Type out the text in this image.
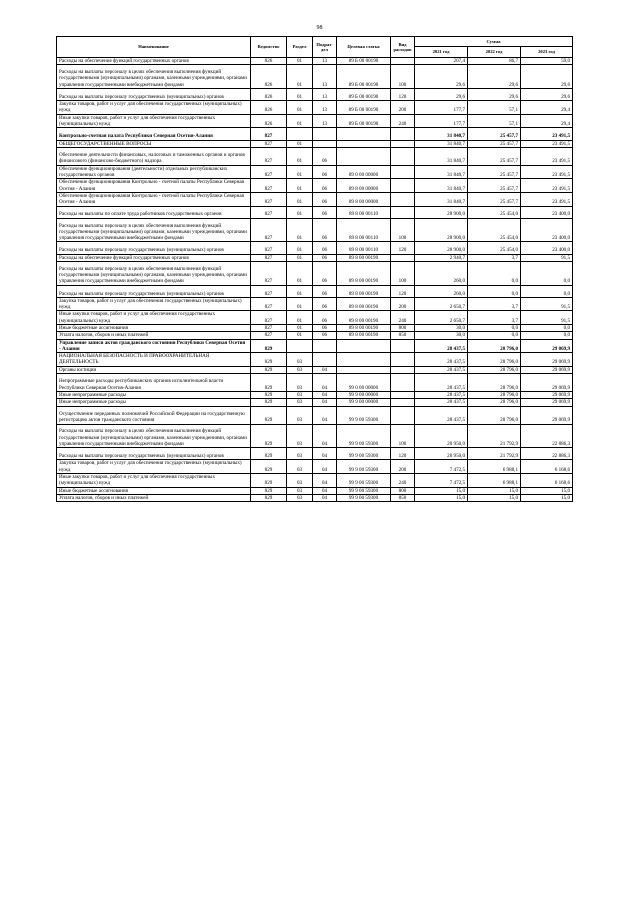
98
Наименование	Ведомство	Раздел	Подраз-дел	Целевая статья	Вид расходов	Сумма		
						2021 год	2022 год	2023 год
Расходы на обеспечение функций государственных органов	826	01	13	89 Б 00 00190		207,4	86,7	59,0
Расходы на выплаты персоналу в целях обеспечения выполнения функций государственными (муниципальными) органами, казенными учреждениями, органами управления государственными внебюджетными фондами	826	01	13	89 Б 00 00190	100	29,6	29,6	29,6
Расходы на выплаты персоналу государственных (муниципальных) органов	826	01	13	89 Б 00 00190	120	29,6	29,6	29,6
Закупка товаров, работ и услуг для обеспечения государственных (муниципальных) нужд	826	01	13	89 Б 00 00190	200	177,7	57,1	29,4
Иные закупки товаров, работ и услуг для обеспечения государственных (муниципальных) нужд	826	01	13	89 Б 00 00190	240	177,7	57,1	29,4
Контрольно-счетная палата Республики Северная Осетия-Алания	827					31 840,7	25 457,7	23 491,5
ОБЩЕГОСУДАРСТВЕННЫЕ ВОПРОСЫ	827	01				31 840,7	25 457,7	23 491,5
Обеспечение деятельности финансовых, налоговых и таможенных органов и органов финансового (финансово-бюджетного) надзора	827	01	06			31 840,7	25 457,7	23 491,5
Обеспечение функционирования (деятельности) отдельных республиканских государственных органов	827	01	06	89 0 00 00000		31 840,7	25 457,7	23 491,5
Обеспечение функционирования Контрольно - счетной палаты Республики Северная Осетия - Алания	827	01	06	89 8 00 00000		31 840,7	25 457,7	23 491,5
Обеспечение функционирования Контрольно - счетной палаты Республики Северная Осетия - Алания	827	01	06	89 8 00 00000		31 840,7	25 457,7	23 491,5
Расходы на выплаты по оплате труда работников государственных органов	827	01	06	89 8 00 00110		28 900,0	25 454,0	23 400,0
Расходы на выплаты персоналу в целях обеспечения выполнения функций государственными (муниципальными) органами, казенными учреждениями, органами управления государственными внебюджетными фондами	827	01	06	89 8 00 00110	100	28 900,0	25 454,0	23 400,0
Расходы на выплаты персоналу государственных (муниципальных) органов	827	01	06	89 8 00 00110	120	28 900,0	25 454,0	23 400,0
Расходы на обеспечение функций государственных органов	827	01	06	89 8 00 00190		2 940,7	3,7	91,5
Расходы на выплаты персоналу в целях обеспечения выполнения функций государственными (муниципальными) органами, казенными учреждениями, органами управления государственными внебюджетными фондами	827	01	06	89 8 00 00190	100	260,0	0,0	0,0
Расходы на выплаты персоналу государственных (муниципальных) органов	827	01	06	89 8 00 00190	120	260,0	0,0	0,0
Закупка товаров, работ и услуг для обеспечения государственных (муниципальных) нужд	827	01	06	89 8 00 00190	200	2 650,7	3,7	91,5
Иные закупки товаров, работ и услуг для обеспечения государственных (муниципальных) нужд	827	01	06	89 8 00 00190	240	2 650,7	3,7	91,5
Иные бюджетные ассигнования	827	01	06	89 8 00 00190	800	30,0	0,0	0,0
Уплата налогов, сборов и иных платежей	827	01	06	89 8 00 00190	850	30,0	0,0	0,0
Управление записи актов гражданского состояния Республики Северная Осетия - Алания	829					28 437,5	28 796,0	29 069,9
НАЦИОНАЛЬНАЯ БЕЗОПАСНОСТЬ И ПРАВООХРАНИТЕЛЬНАЯ ДЕЯТЕЛЬНОСТЬ	829	03				28 437,5	28 796,0	29 069,9
Органы юстиции	829	03	04			28 437,5	28 796,0	29 069,9
Непрограммные расходы республиканских органов исполнительной власти Республики Северная Осетия-Алания	829	03	04	99 0 00 00000		28 437,5	28 796,0	29 069,9
Иные непрограммные расходы	829	03	04	99 9 00 00000		28 437,5	28 796,0	29 069,9
Иные непрограммные расходы	829	03	04	99 9 00 00000		28 437,5	28 796,0	29 069,9
Осуществление переданных полномочий Российской Федерации на государственную регистрацию актов гражданского состояния	829	03	04	99 9 00 59300		28 437,5	28 796,0	29 069,9
Расходы на выплаты персоналу в целях обеспечения выполнения функций государственными (муниципальными) органами, казенными учреждениями, органами управления государственными внебюджетными фондами	829	03	04	99 9 00 59300	100	20 950,0	21 792,9	22 886,3
Расходы на выплаты персоналу государственных (муниципальных) органов	829	03	04	99 9 00 59300	120	20 950,0	21 792,9	22 886,3
Закупка товаров, работ и услуг для обеспечения государственных (муниципальных) нужд	829	03	04	99 9 00 59300	200	7 472,5	6 988,1	6 168,6
Иные закупки товаров, работ и услуг для обеспечения государственных (муниципальных) нужд	829	03	04	99 9 00 59300	240	7 472,5	6 988,1	6 168,6
Иные бюджетные ассигнования	829	03	04	99 9 00 59300	800	15,0	15,0	15,0
Уплата налогов, сборов и иных платежей	829	03	04	99 9 00 59300	850	15,0	15,0	15,0
